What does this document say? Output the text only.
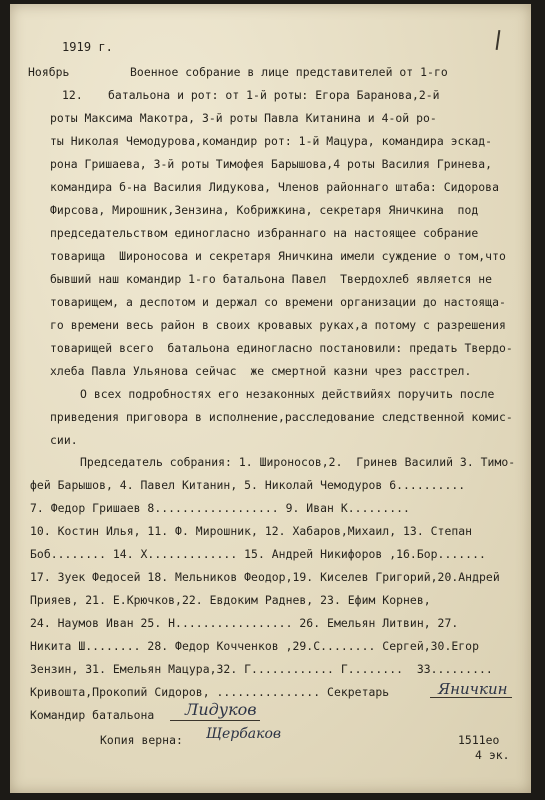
1919 г.
Ноябрь
12.
Военное собрание в лице представителей от 1-го
батальона и рот: от 1-й роты: Егора Баранова,2-й
роты Максима Макотра, 3-й роты Павла Китанина и 4-ой ро-
ты Николая Чемодурова,командир рот: 1-й Мацура, командира эскад-
рона Гришаева, 3-й роты Тимофея Барышова,4 роты Василия Гринева,
командира б-на Василия Лидукова, Членов районнаго штаба: Сидорова
Фирсова, Мирошник,Зензина, Кобрижкина, секретаря Яничкина  под
председательством единогласно избраннаго на настоящее собрание
товарища  Широносова и секретаря Яничкина имели суждение о том,что
бывший наш командир 1-го батальона Павел  Твердохлеб является не
товарищем, а деспотом и держал со времени организации до настояща-
го времени весь район в своих кровавых руках,а потому с разрешения
товарищей всего  батальона единогласно постановили: предать Твердо-
хлеба Павла Ульянова сейчас  же смертной казни чрез расстрел.
О всех подробностях его незаконных действийях поручить после
приведения приговора в исполнение,расследование следственной комис-
сии.
Председатель собрания: 1. Широносов,2.  Гринев Василий 3. Тимо-
фей Барышов, 4. Павел Китанин, 5. Николай Чемодуров 6..........
7. Федор Гришаев 8.................. 9. Иван К.........
10. Костин Илья, 11. Ф. Мирошник, 12. Хабаров,Михаил, 13. Степан
Боб........ 14. Х............. 15. Андрей Никифоров ,16.Бор.......
17. Зуек Федосей 18. Мельников Феодор,19. Киселев Григорий,20.Андрей
Прияев, 21. Е.Крючков,22. Евдоким Раднев, 23. Ефим Корнев,
24. Наумов Иван 25. Н................. 26. Емельян Литвин, 27.
Никита Ш........ 28. Федор Кочченков ,29.С........ Сергей,30.Егор
Зензин, 31. Емельян Мацура,32. Г............ Г........  33.........
Кривошта,Прокопий Сидоров, ............... Секретарь
Командир батальона
Копия верна:
Яничкин
Лидуков
Щербаков	1511ео
4 эк.
